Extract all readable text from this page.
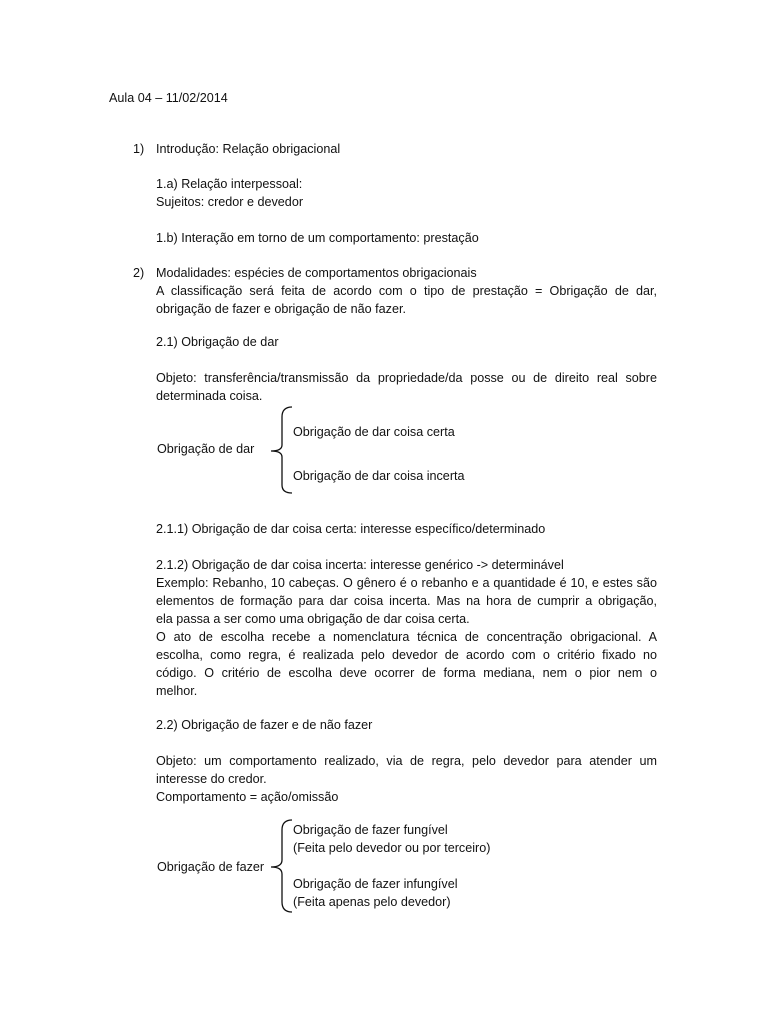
Aula 04 – 11/02/2014
1) Introdução: Relação obrigacional
1.a) Relação interpessoal:
Sujeitos: credor e devedor
1.b) Interação em torno de um comportamento: prestação
2) Modalidades: espécies de comportamentos obrigacionais
A classificação será feita de acordo com o tipo de prestação = Obrigação de dar,
obrigação de fazer e obrigação de não fazer.
2.1) Obrigação de dar
Objeto: transferência/transmissão da propriedade/da posse ou de direito real sobre
determinada coisa.
Obrigação de dar
Obrigação de dar coisa certa
Obrigação de dar coisa incerta
2.1.1) Obrigação de dar coisa certa: interesse específico/determinado
2.1.2) Obrigação de dar coisa incerta: interesse genérico -> determinável
Exemplo: Rebanho, 10 cabeças. O gênero é o rebanho e a quantidade é 10, e estes são
elementos de formação para dar coisa incerta. Mas na hora de cumprir a obrigação,
ela passa a ser como uma obrigação de dar coisa certa.
O ato de escolha recebe a nomenclatura técnica de concentração obrigacional. A
escolha, como regra, é realizada pelo devedor de acordo com o critério fixado no
código. O critério de escolha deve ocorrer de forma mediana, nem o pior nem o
melhor.
2.2) Obrigação de fazer e de não fazer
Objeto: um comportamento realizado, via de regra, pelo devedor para atender um
interesse do credor.
Comportamento = ação/omissão
Obrigação de fazer
Obrigação de fazer fungível
(Feita pelo devedor ou por terceiro)
Obrigação de fazer infungível
(Feita apenas pelo devedor)
